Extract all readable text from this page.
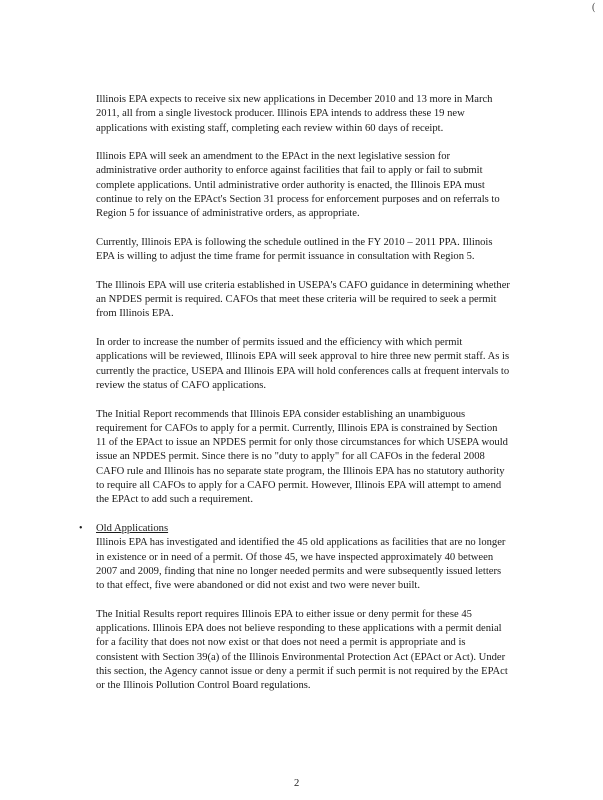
(

Illinois EPA expects to receive six new applications in December 2010 and 13 more in March 2011, all from a single livestock producer. Illinois EPA intends to address these 19 new applications with existing staff, completing each review within 60 days of receipt.

Illinois EPA will seek an amendment to the EPAct in the next legislative session for administrative order authority to enforce against facilities that fail to apply or fail to submit complete applications. Until administrative order authority is enacted, the Illinois EPA must continue to rely on the EPAct's Section 31 process for enforcement purposes and on referrals to Region 5 for issuance of administrative orders, as appropriate.

Currently, Illinois EPA is following the schedule outlined in the FY 2010 – 2011 PPA. Illinois EPA is willing to adjust the time frame for permit issuance in consultation with Region 5.

The Illinois EPA will use criteria established in USEPA's CAFO guidance in determining whether an NPDES permit is required. CAFOs that meet these criteria will be required to seek a permit from Illinois EPA.

In order to increase the number of permits issued and the efficiency with which permit applications will be reviewed, Illinois EPA will seek approval to hire three new permit staff. As is currently the practice, USEPA and Illinois EPA will hold conferences calls at frequent intervals to review the status of CAFO applications.

The Initial Report recommends that Illinois EPA consider establishing an unambiguous requirement for CAFOs to apply for a permit. Currently, Illinois EPA is constrained by Section 11 of the EPAct to issue an NPDES permit for only those circumstances for which USEPA would issue an NPDES permit. Since there is no "duty to apply" for all CAFOs in the federal 2008 CAFO rule and Illinois has no separate state program, the Illinois EPA has no statutory authority to require all CAFOs to apply for a CAFO permit. However, Illinois EPA will attempt to amend the EPAct to add such a requirement.

• Old Applications

Illinois EPA has investigated and identified the 45 old applications as facilities that are no longer in existence or in need of a permit. Of those 45, we have inspected approximately 40 between 2007 and 2009, finding that nine no longer needed permits and were subsequently issued letters to that effect, five were abandoned or did not exist and two were never built.

The Initial Results report requires Illinois EPA to either issue or deny permit for these 45 applications. Illinois EPA does not believe responding to these applications with a permit denial for a facility that does not now exist or that does not need a permit is appropriate and is consistent with Section 39(a) of the Illinois Environmental Protection Act (EPAct or Act). Under this section, the Agency cannot issue or deny a permit if such permit is not required by the EPAct or the Illinois Pollution Control Board regulations.

2
